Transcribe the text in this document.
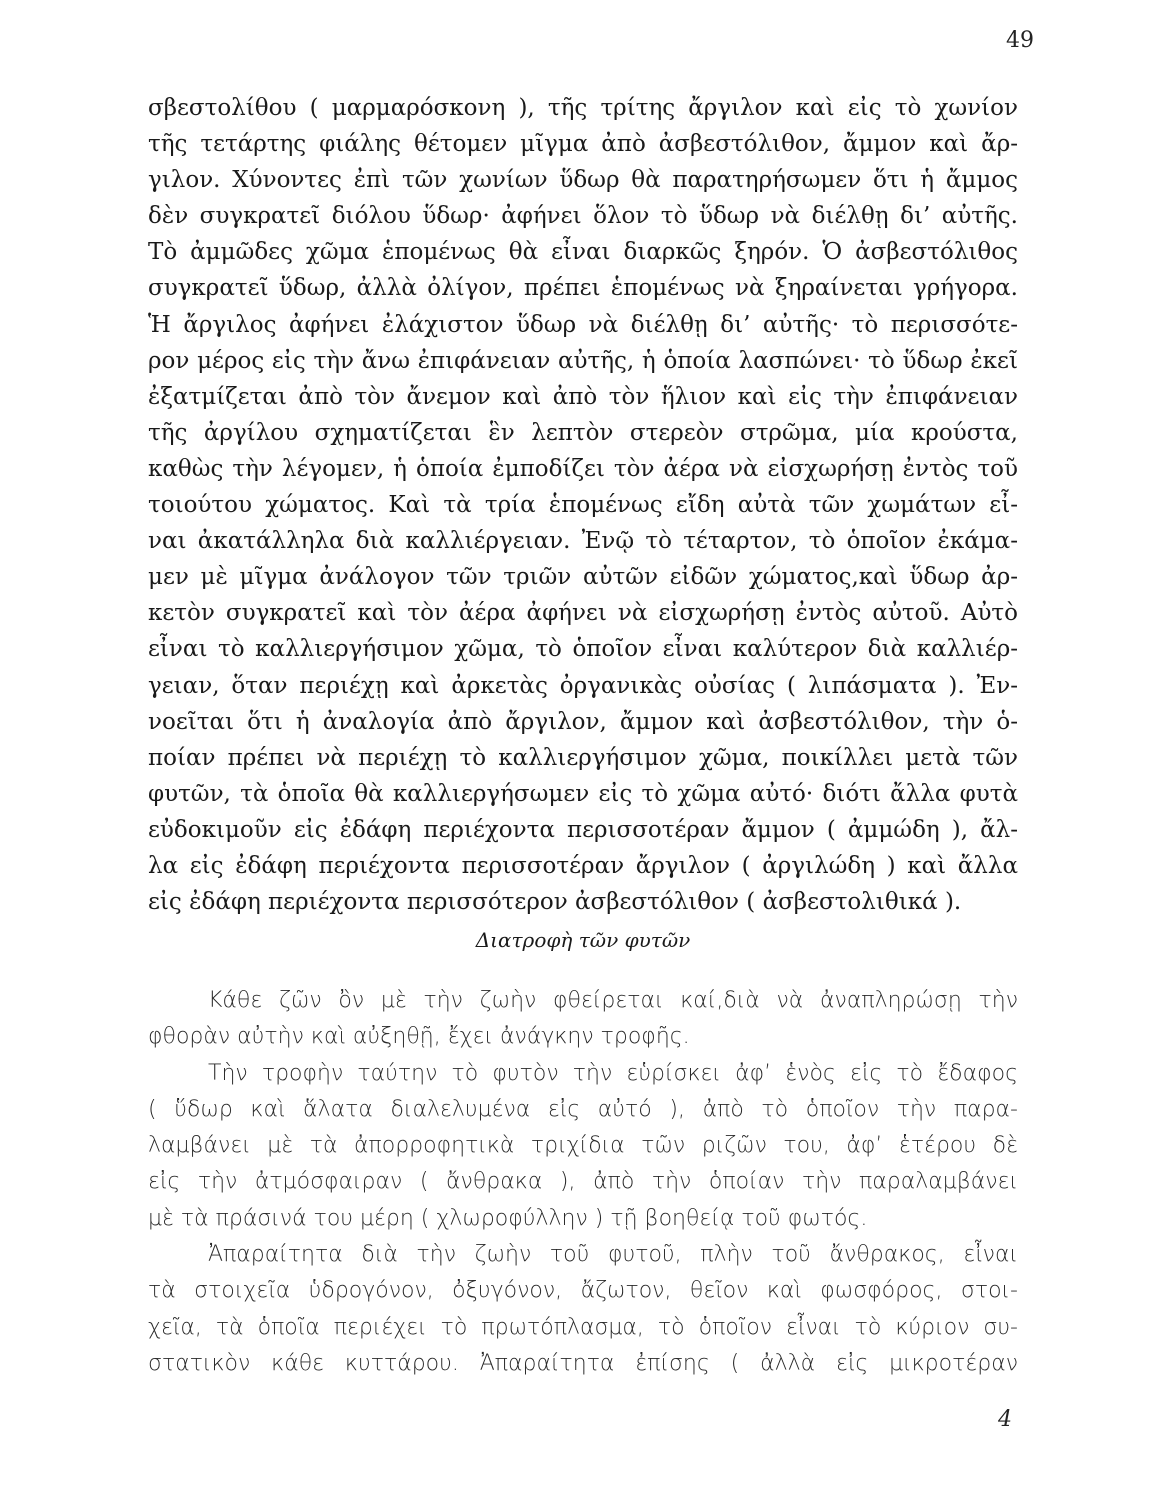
49
σβεστολίθου ( μαρμαρόσκονη ), τῆς τρίτης ἄργιλον καὶ εἰς τὸ χωνίον
τῆς τετάρτης φιάλης θέτομεν μῖγμα ἀπὸ ἀσβεστόλιθον, ἄμμον καὶ ἄρ-
γιλον. Χύνοντες ἐπὶ τῶν χωνίων ὕδωρ θὰ παρατηρήσωμεν ὅτι ἡ ἄμμος
δὲν συγκρατεῖ διόλου ὕδωρ· ἀφήνει ὅλον τὸ ὕδωρ νὰ διέλθῃ δι’ αὐτῆς.
Τὸ ἀμμῶδες χῶμα ἑπομένως θὰ εἶναι διαρκῶς ξηρόν. Ὁ ἀσβεστόλιθος
συγκρατεῖ ὕδωρ, ἀλλὰ ὀλίγον, πρέπει ἑπομένως νὰ ξηραίνεται γρήγορα.
Ἡ ἄργιλος ἀφήνει ἐλάχιστον ὕδωρ νὰ διέλθῃ δι’ αὐτῆς· τὸ περισσότε-
ρον μέρος εἰς τὴν ἄνω ἐπιφάνειαν αὐτῆς, ἡ ὁποία λασπώνει· τὸ ὕδωρ ἐκεῖ
ἐξατμίζεται ἀπὸ τὸν ἄνεμον καὶ ἀπὸ τὸν ἥλιον καὶ εἰς τὴν ἐπιφάνειαν
τῆς ἀργίλου σχηματίζεται ἓν λεπτὸν στερεὸν στρῶμα, μία κρούστα,
καθὼς τὴν λέγομεν, ἡ ὁποία ἐμποδίζει τὸν ἀέρα νὰ εἰσχωρήσῃ ἐντὸς τοῦ
τοιούτου χώματος. Καὶ τὰ τρία ἑπομένως εἴδη αὐτὰ τῶν χωμάτων εἶ-
ναι ἀκατάλληλα διὰ καλλιέργειαν. Ἐνῷ τὸ τέταρτον, τὸ ὁποῖον ἐκάμα-
μεν μὲ μῖγμα ἀνάλογον τῶν τριῶν αὐτῶν εἰδῶν χώματος,καὶ ὕδωρ ἀρ-
κετὸν συγκρατεῖ καὶ τὸν ἀέρα ἀφήνει νὰ εἰσχωρήσῃ ἐντὸς αὐτοῦ. Αὐτὸ
εἶναι τὸ καλλιεργήσιμον χῶμα, τὸ ὁποῖον εἶναι καλύτερον διὰ καλλιέρ-
γειαν, ὅταν περιέχῃ καὶ ἀρκετὰς ὀργανικὰς οὐσίας ( λιπάσματα ). Ἐν-
νοεῖται ὅτι ἡ ἀναλογία ἀπὸ ἄργιλον, ἄμμον καὶ ἀσβεστόλιθον, τὴν ὁ-
ποίαν πρέπει νὰ περιέχῃ τὸ καλλιεργήσιμον χῶμα, ποικίλλει μετὰ τῶν
φυτῶν, τὰ ὁποῖα θὰ καλλιεργήσωμεν εἰς τὸ χῶμα αὐτό· διότι ἄλλα φυτὰ
εὐδοκιμοῦν εἰς ἐδάφη περιέχοντα περισσοτέραν ἄμμον ( ἀμμώδη ), ἄλ-
λα εἰς ἐδάφη περιέχοντα περισσοτέραν ἄργιλον ( ἀργιλώδη ) καὶ ἄλλα
εἰς ἐδάφη περιέχοντα περισσότερον ἀσβεστόλιθον ( ἀσβεστολιθικά ).
Διατροφὴ τῶν φυτῶν
Κάθε ζῶν ὂν μὲ τὴν ζωὴν φθείρεται καί,διὰ νὰ ἀναπληρώσῃ τὴν
φθορὰν αὐτὴν καὶ αὐξηθῇ, ἔχει ἀνάγκην τροφῆς.
Τὴν τροφὴν ταύτην τὸ φυτὸν τὴν εὑρίσκει ἀφ’ ἑνὸς εἰς τὸ ἔδαφος
( ὕδωρ καὶ ἅλατα διαλελυμένα εἰς αὐτό ), ἀπὸ τὸ ὁποῖον τὴν παρα-
λαμβάνει μὲ τὰ ἀπορροφητικὰ τριχίδια τῶν ριζῶν του, ἀφ’ ἑτέρου δὲ
εἰς τὴν ἀτμόσφαιραν ( ἄνθρακα ), ἀπὸ τὴν ὁποίαν τὴν παραλαμβάνει
μὲ τὰ πράσινά του μέρη ( χλωροφύλλην ) τῇ βοηθείᾳ τοῦ φωτός.
Ἀπαραίτητα διὰ τὴν ζωὴν τοῦ φυτοῦ, πλὴν τοῦ ἄνθρακος, εἶναι
τὰ στοιχεῖα ὑδρογόνον, ὀξυγόνον, ἄζωτον, θεῖον καὶ φωσφόρος, στοι-
χεῖα, τὰ ὁποῖα περιέχει τὸ πρωτόπλασμα, τὸ ὁποῖον εἶναι τὸ κύριον συ-
στατικὸν κάθε κυττάρου. Ἀπαραίτητα ἐπίσης ( ἀλλὰ εἰς μικροτέραν
4
